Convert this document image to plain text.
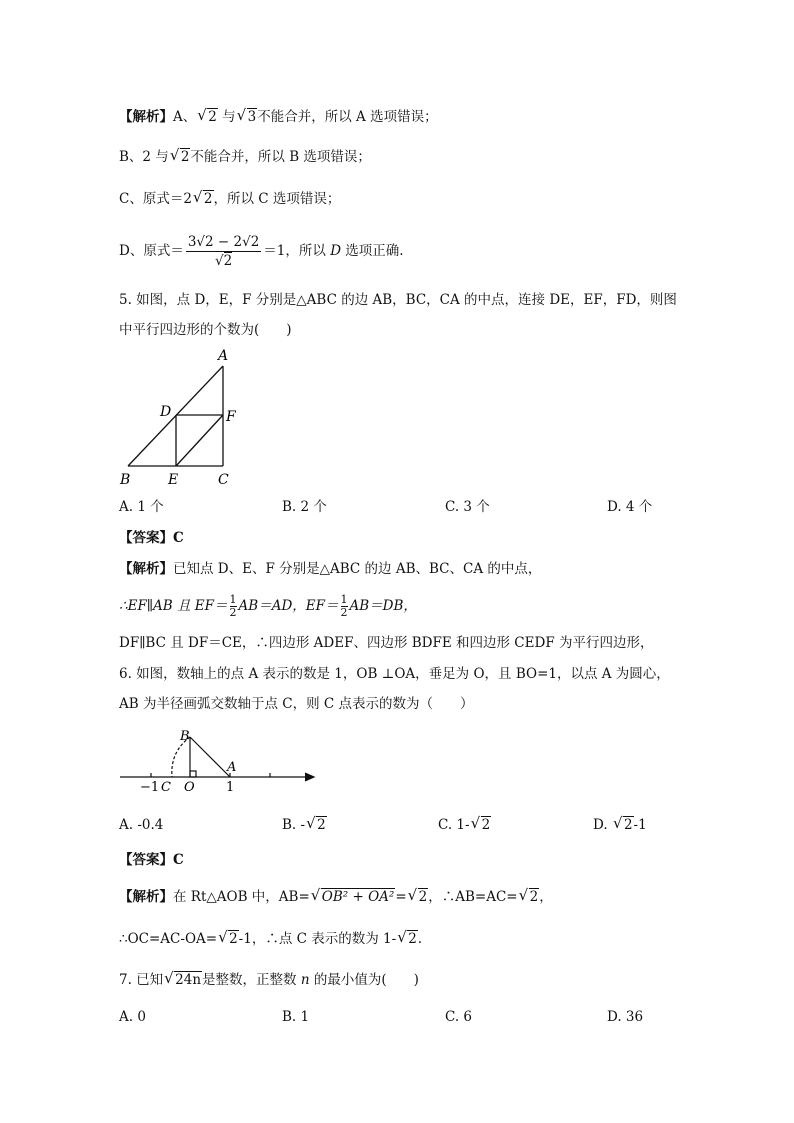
【解析】A、 √ 2 与 √ 3不能合并，所以 A 选项错误；
B、2 与 √ 2不能合并，所以 B 选项错误；
C、原式＝2 √ 2，所以 C 选项错误；
D、原式＝ $\frac{3√2 - 2√2}{√2} =1$，所以 D 选项正确.
5. 如图，点 D，E，F 分别是△ABC 的边 AB，BC，CA 的中点，连接 DE，EF，FD，则图
中平行四边形的个数为(　　)
A
D	F
B	E	C
A. 1 个	B. 2 个	C. 3 个	D. 4 个
【答案】C
【解析】已知点 D、E、F 分别是△ABC 的边 AB、BC、CA 的中点，
∴EF∥AB 且 $EF= \frac{1}{2} AB=AD$，$EF= \frac{1}{2} AB=DB$，
DF∥BC 且 DF＝CE，∴四边形 ADEF、四边形 BDFE 和四边形 CEDF 为平行四边形，
6. 如图，数轴上的点 A 表示的数是 1，OB ⊥OA，垂足为 O，且 BO=1，以点 A 为圆心，
AB 为半径画弧交数轴于点 C，则 C 点表示的数为（　　）
B
A
−1 C O 1
A. -0.4	B. - √ 2	C. 1- √ 2	D. √ 2-1
【答案】C
【解析】在 Rt△AOB 中，AB= √ OB² + OA²= √ 2，∴AB=AC= √ 2，
∴OC=AC-OA= √ 2-1，∴点 C 表示的数为 1- √ 2.
7. 已知 √ 24n是整数，正整数 n 的最小值为(　　)
A. 0	B. 1	C. 6	D. 36
